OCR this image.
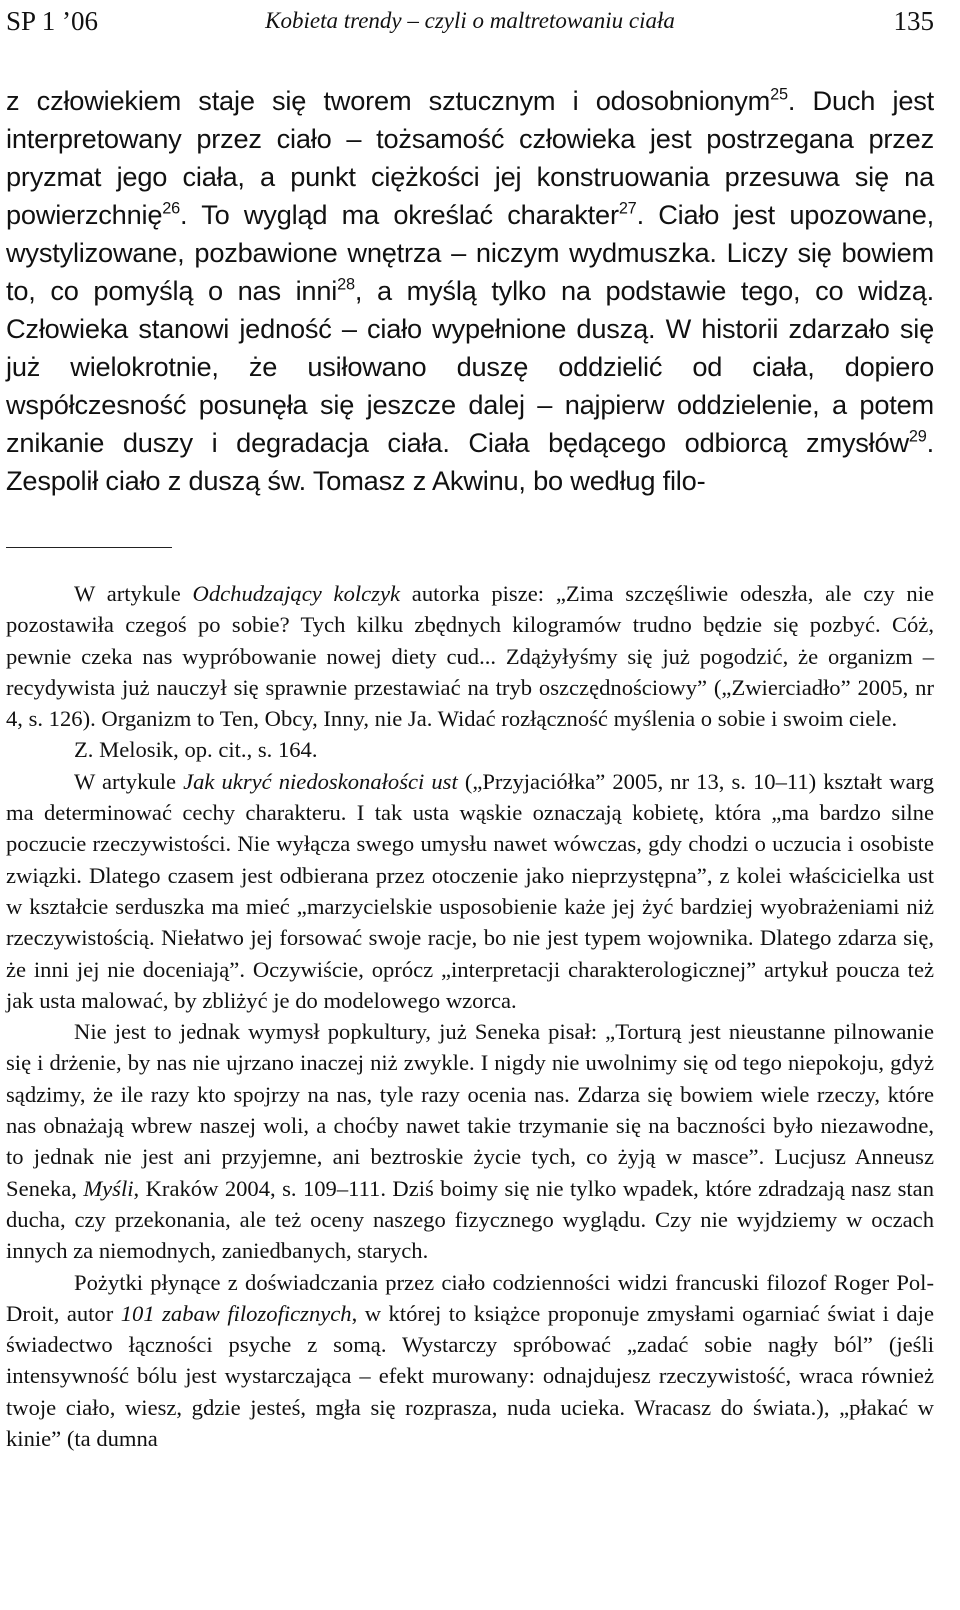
SP 1 ’06	Kobieta trendy – czyli o maltretowaniu ciała	135
z człowiekiem staje się tworem sztucznym i odosobnionym$^{25}$. Duch jest interpretowany przez ciało – tożsamość człowieka jest postrzegana przez pryzmat jego ciała, a punkt ciężkości jej konstruowania przesuwa się na powierzchnię$^{26}$. To wygląd ma określać charakter$^{27}$. Ciało jest upozowane, wystylizowane, pozbawione wnętrza – niczym wydmuszka. Liczy się bowiem to, co pomyślą o nas inni$^{28}$, a myślą tylko na podstawie tego, co widzą. Człowieka stanowi jedność – ciało wypełnione duszą. W historii zdarzało się już wielokrotnie, że usiłowano duszę oddzielić od ciała, dopiero współczesność posunęła się jeszcze dalej – najpierw oddzielenie, a potem znikanie duszy i degradacja ciała. Ciała będącego odbiorcą zmysłów$^{29}$. Zespolił ciało z duszą św. Tomasz z Akwinu, bo według filo-

W artykule Odchudzający kolczyk autorka pisze: „Zima szczęśliwie odeszła, ale czy nie pozostawiła czegoś po sobie? Tych kilku zbędnych kilogramów trudno będzie się pozbyć. Cóż, pewnie czeka nas wypróbowanie nowej diety cud... Zdążyłyśmy się już pogodzić, że organizm – recydywista już nauczył się sprawnie przestawiać na tryb oszczędnościowy” („Zwierciadło” 2005, nr 4, s. 126). Organizm to Ten, Obcy, Inny, nie Ja. Widać rozłączność myślenia o sobie i swoim ciele.

Z. Melosik, op. cit., s. 164.

W artykule Jak ukryć niedoskonałości ust („Przyjaciółka” 2005, nr 13, s. 10–11) kształt warg ma determinować cechy charakteru. I tak usta wąskie oznaczają kobietę, która „ma bardzo silne poczucie rzeczywistości. Nie wyłącza swego umysłu nawet wówczas, gdy chodzi o uczucia i osobiste związki. Dlatego czasem jest odbierana przez otoczenie jako nieprzystępna”, z kolei właścicielka ust w kształcie serduszka ma mieć „marzycielskie usposobienie każe jej żyć bardziej wyobrażeniami niż rzeczywistością. Niełatwo jej forsować swoje racje, bo nie jest typem wojownika. Dlatego zdarza się, że inni jej nie doceniają”. Oczywiście, oprócz „interpretacji charakterologicznej” artykuł poucza też jak usta malować, by zbliżyć je do modelowego wzorca.

Nie jest to jednak wymysł popkultury, już Seneka pisał: „Torturą jest nieustanne pilnowanie się i drżenie, by nas nie ujrzano inaczej niż zwykle. I nigdy nie uwolnimy się od tego niepokoju, gdyż sądzimy, że ile razy kto spojrzy na nas, tyle razy ocenia nas. Zdarza się bowiem wiele rzeczy, które nas obnażają wbrew naszej woli, a choćby nawet takie trzymanie się na baczności było niezawodne, to jednak nie jest ani przyjemne, ani beztroskie życie tych, co żyją w masce”. Lucjusz Anneusz Seneka, Myśli, Kraków 2004, s. 109–111. Dziś boimy się nie tylko wpadek, które zdradzają nasz stan ducha, czy przekonania, ale też oceny naszego fizycznego wyglądu. Czy nie wyjdziemy w oczach innych za niemodnych, zaniedbanych, starych.

Pożytki płynące z doświadczania przez ciało codzienności widzi francuski filozof Roger Pol-Droit, autor 101 zabaw filozoficznych, w której to książce proponuje zmysłami ogarniać świat i daje świadectwo łączności psyche z somą. Wystarczy spróbować „zadać sobie nagły ból” (jeśli intensywność bólu jest wystarczająca – efekt murowany: odnajdujesz rzeczywistość, wraca również twoje ciało, wiesz, gdzie jesteś, mgła się rozprasza, nuda ucieka. Wracasz do świata.), „płakać w kinie” (ta dumna
